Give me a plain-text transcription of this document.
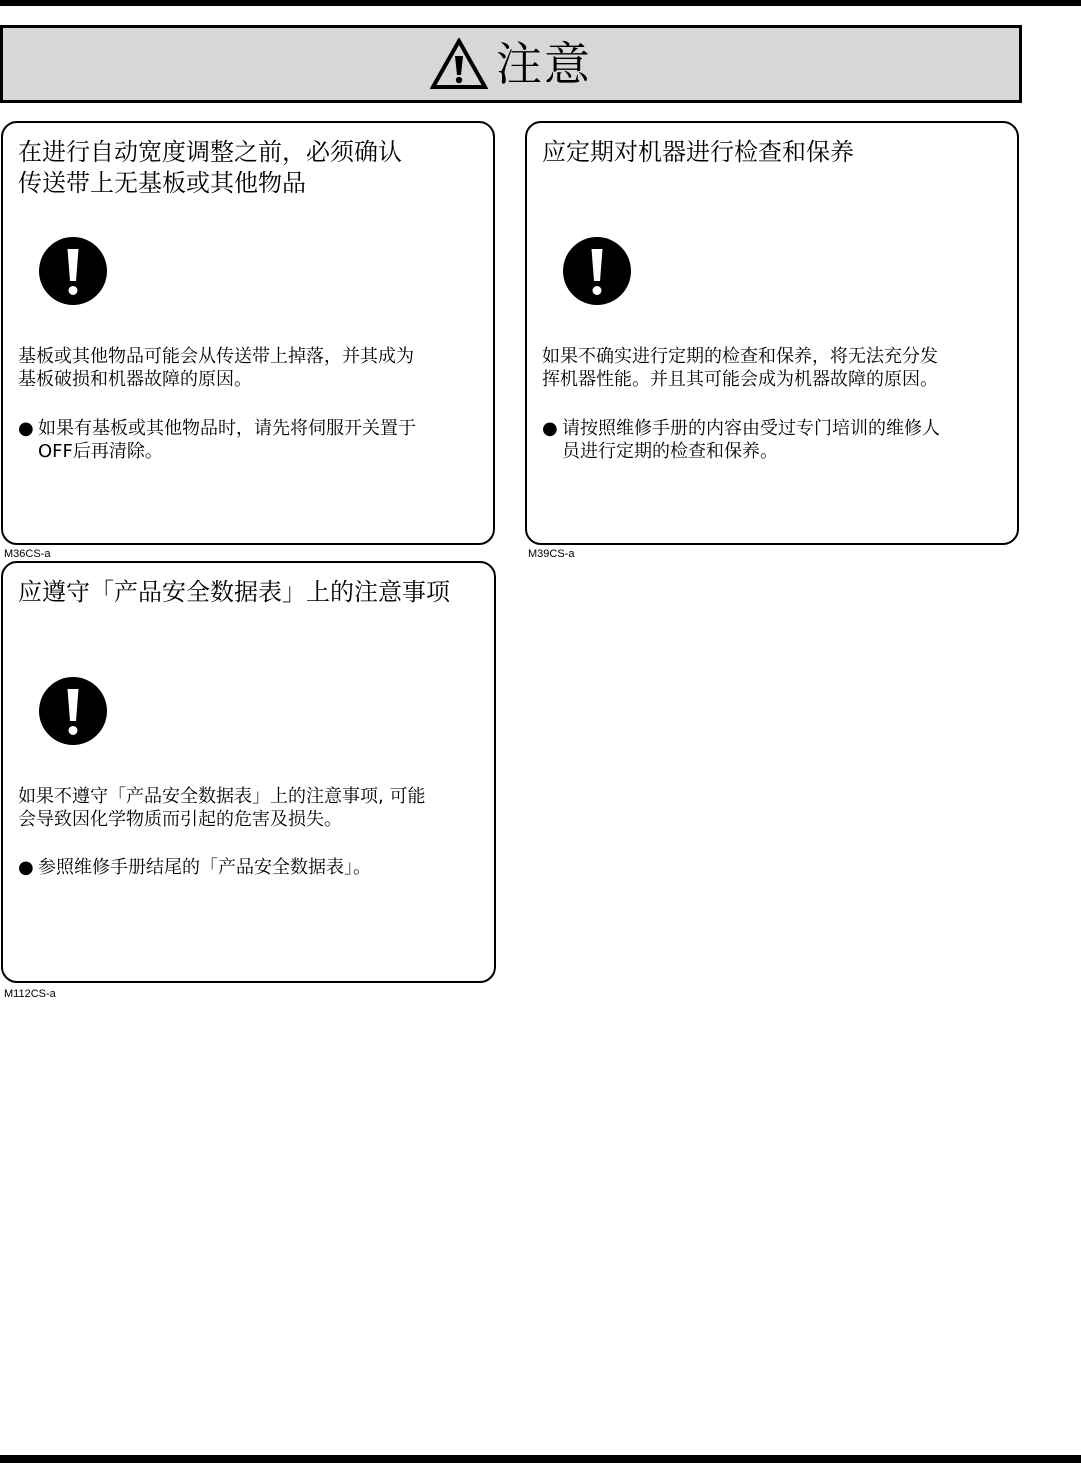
注意
在进行自动宽度调整之前，必须确认
传送带上无基板或其他物品
基板或其他物品可能会从传送带上掉落，并其成为
基板破损和机器故障的原因。
● 如果有基板或其他物品时，请先将伺服开关置于
OFF后再清除。
M36CS-a
应定期对机器进行检查和保养
如果不确实进行定期的检查和保养，将无法充分发
挥机器性能。并且其可能会成为机器故障的原因。
● 请按照维修手册的内容由受过专门培训的维修人
员进行定期的检查和保养。
M39CS-a
应遵守「产品安全数据表」上的注意事项
如果不遵守「产品安全数据表」上的注意事项, 可能
会导致因化学物质而引起的危害及损失。
● 参照维修手册结尾的「产品安全数据表」。
M112CS-a
